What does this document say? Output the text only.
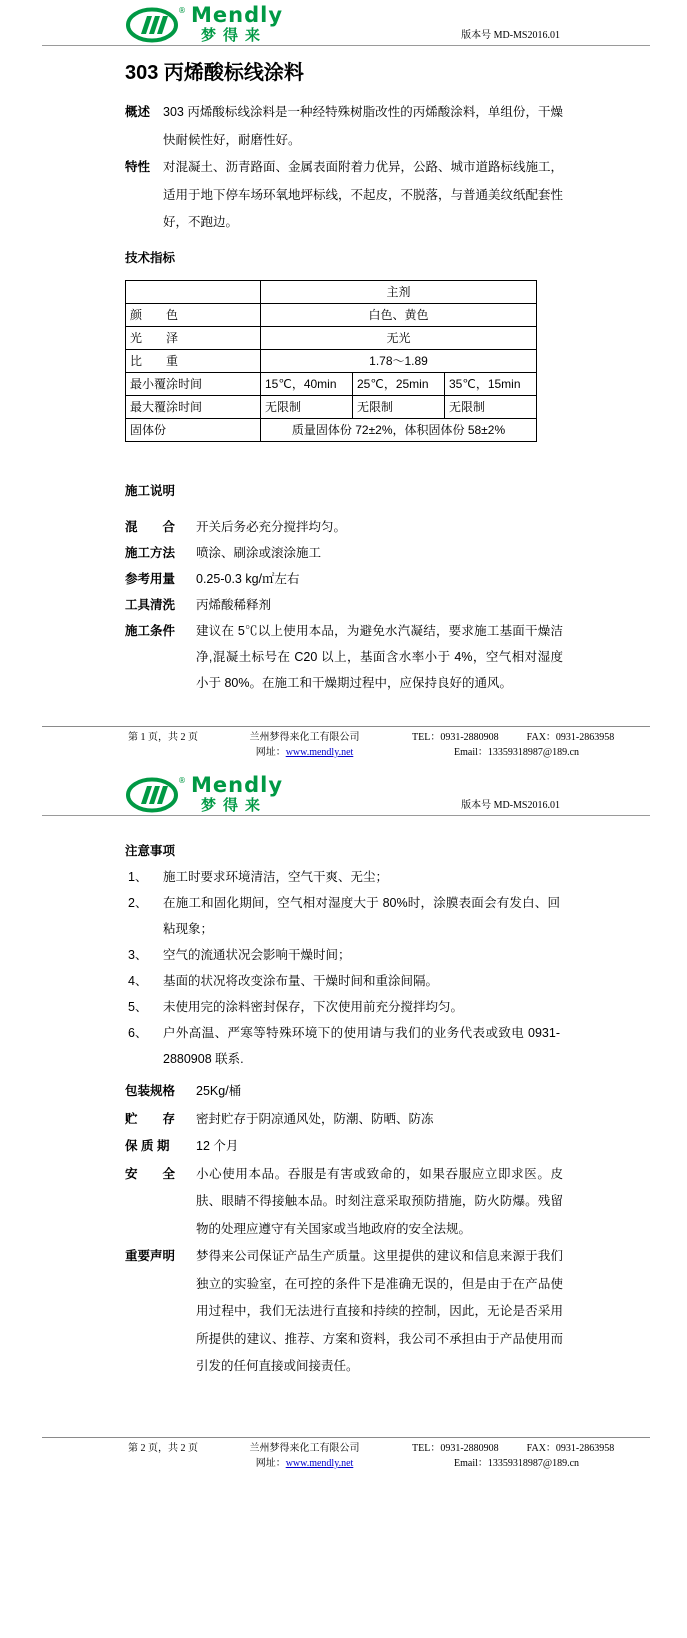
® Mendly
梦得来	版本号 MD-MS2016.01
303 丙烯酸标线涂料
概述	303 丙烯酸标线涂料是一种经特殊树脂改性的丙烯酸涂料，单组份，干燥快耐候性好，耐磨性好。
特性	对混凝土、沥青路面、金属表面附着力优异，公路、城市道路标线施工，适用于地下停车场环氧地坪标线，不起皮，不脱落，与普通美纹纸配套性好，不跑边。
技术指标
	主剂		
颜　　色	白色、黄色		
光　　泽	无光		
比　　重	1.78～1.89		
最小覆涂时间	15℃，40min	25℃，25min	35℃，15min
最大覆涂时间	无限制	无限制	无限制
固体份	质量固体份 72±2%，体积固体份 58±2%		
施工说明
混　　合	开关后务必充分搅拌均匀。
施工方法	喷涂、刷涂或滚涂施工
参考用量	0.25-0.3 kg/㎡左右
工具清洗	丙烯酸稀释剂
施工条件	建议在 5℃以上使用本品，为避免水汽凝结，要求施工基面干燥洁净,混凝土标号在 C20 以上，基面含水率小于 4%，空气相对湿度小于 80%。在施工和干燥期过程中，应保持良好的通风。
第 1 页，共 2 页	兰州梦得来化工有限公司
网址：www.mendly.net
TEL：0931-2880908	FAX：0931-2863958
Email：13359318987@189.cn
® Mendly
梦得来	版本号 MD-MS2016.01
注意事项
1、	施工时要求环境清洁，空气干爽、无尘；
2、	在施工和固化期间，空气相对湿度大于 80%时，涂膜表面会有发白、回粘现象；
3、	空气的流通状况会影响干燥时间；
4、	基面的状况将改变涂布量、干燥时间和重涂间隔。
5、	未使用完的涂料密封保存，下次使用前充分搅拌均匀。
6、	户外高温、严寒等特殊环境下的使用请与我们的业务代表或致电 0931-2880908 联系.
包装规格	25Kg/桶
贮　　存	密封贮存于阴凉通风处，防潮、防晒、防冻
保 质 期	12 个月
安　　全	小心使用本品。吞服是有害或致命的，如果吞服应立即求医。皮肤、眼睛不得接触本品。时刻注意采取预防措施，防火防爆。残留物的处理应遵守有关国家或当地政府的安全法规。
重要声明	梦得来公司保证产品生产质量。这里提供的建议和信息来源于我们独立的实验室，在可控的条件下是准确无误的，但是由于在产品使用过程中，我们无法进行直接和持续的控制，因此，无论是否采用所提供的建议、推荐、方案和资料，我公司不承担由于产品使用而引发的任何直接或间接责任。
第 2 页，共 2 页	兰州梦得来化工有限公司
网址：www.mendly.net
TEL：0931-2880908	FAX：0931-2863958
Email：13359318987@189.cn
